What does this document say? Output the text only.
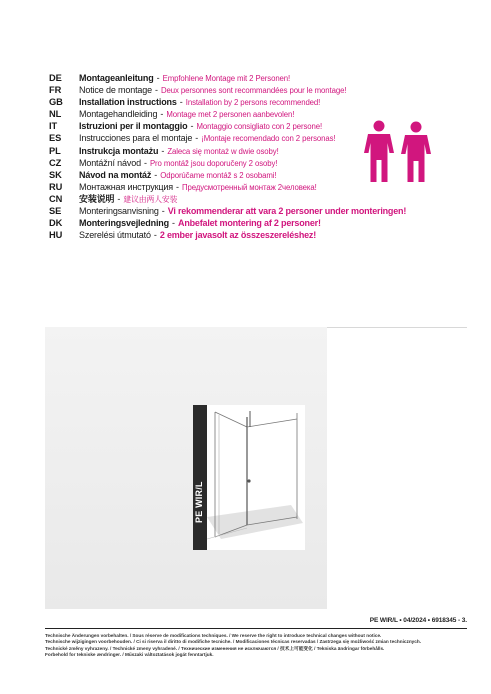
DE	Montageanleitung - Empfohlene Montage mit 2 Personen!
FR	Notice de montage - Deux personnes sont recommandées pour le montage!
GB	Installation instructions - Installation by 2 persons recommended!
NL	Montagehandleiding - Montage met 2 personen aanbevolen!
IT	Istruzioni per il montaggio - Montaggio consigliato con 2 persone!
ES	Instrucciones para el montaje - ¡Montaje recomendado con 2 personas!
PL	Instrukcja montażu - Zaleca się montaż w dwie osoby!
CZ	Montážní návod - Pro montáž jsou doporučeny 2 osoby!
SK	Návod na montáž - Odporúčame montáž s 2 osobami!
RU	Монтажная инструкция - Предусмотренный монтаж 2человека!
CN	安装说明 - 建议由两人安装
SE	Monteringsanvisning - Vi rekommenderar att vara 2 personer under monteringen!
DK	Monteringsvejledning - Anbefalet montering af 2 personer!
HU	Szerelési útmutató - 2 ember javasolt az összeszereléshez!
PE WIR/L
PE WIR/L • 04/2024 • 6918345 - 3.
Technische Änderungen vorbehalten. / Sous réserve de modifications techniques. / We reserve the right to introduce technical changes without notice.
Technische wijzigingen voorbehouden. / Ci si riserva il diritto di modifiche tecniche. / Modificaciones técnicas reservadas / Zastrzega się możliwość zmian technicznych.
Technické změny vyhrazeny. / Technické zmeny vyhradené. / Технические изменения не исключаются / 技术上可能变化 / Tekniska ändringar förbehålls.
Forbehold for tekniske ændringer. / Műszaki változtatások jogát fenntartjuk.
